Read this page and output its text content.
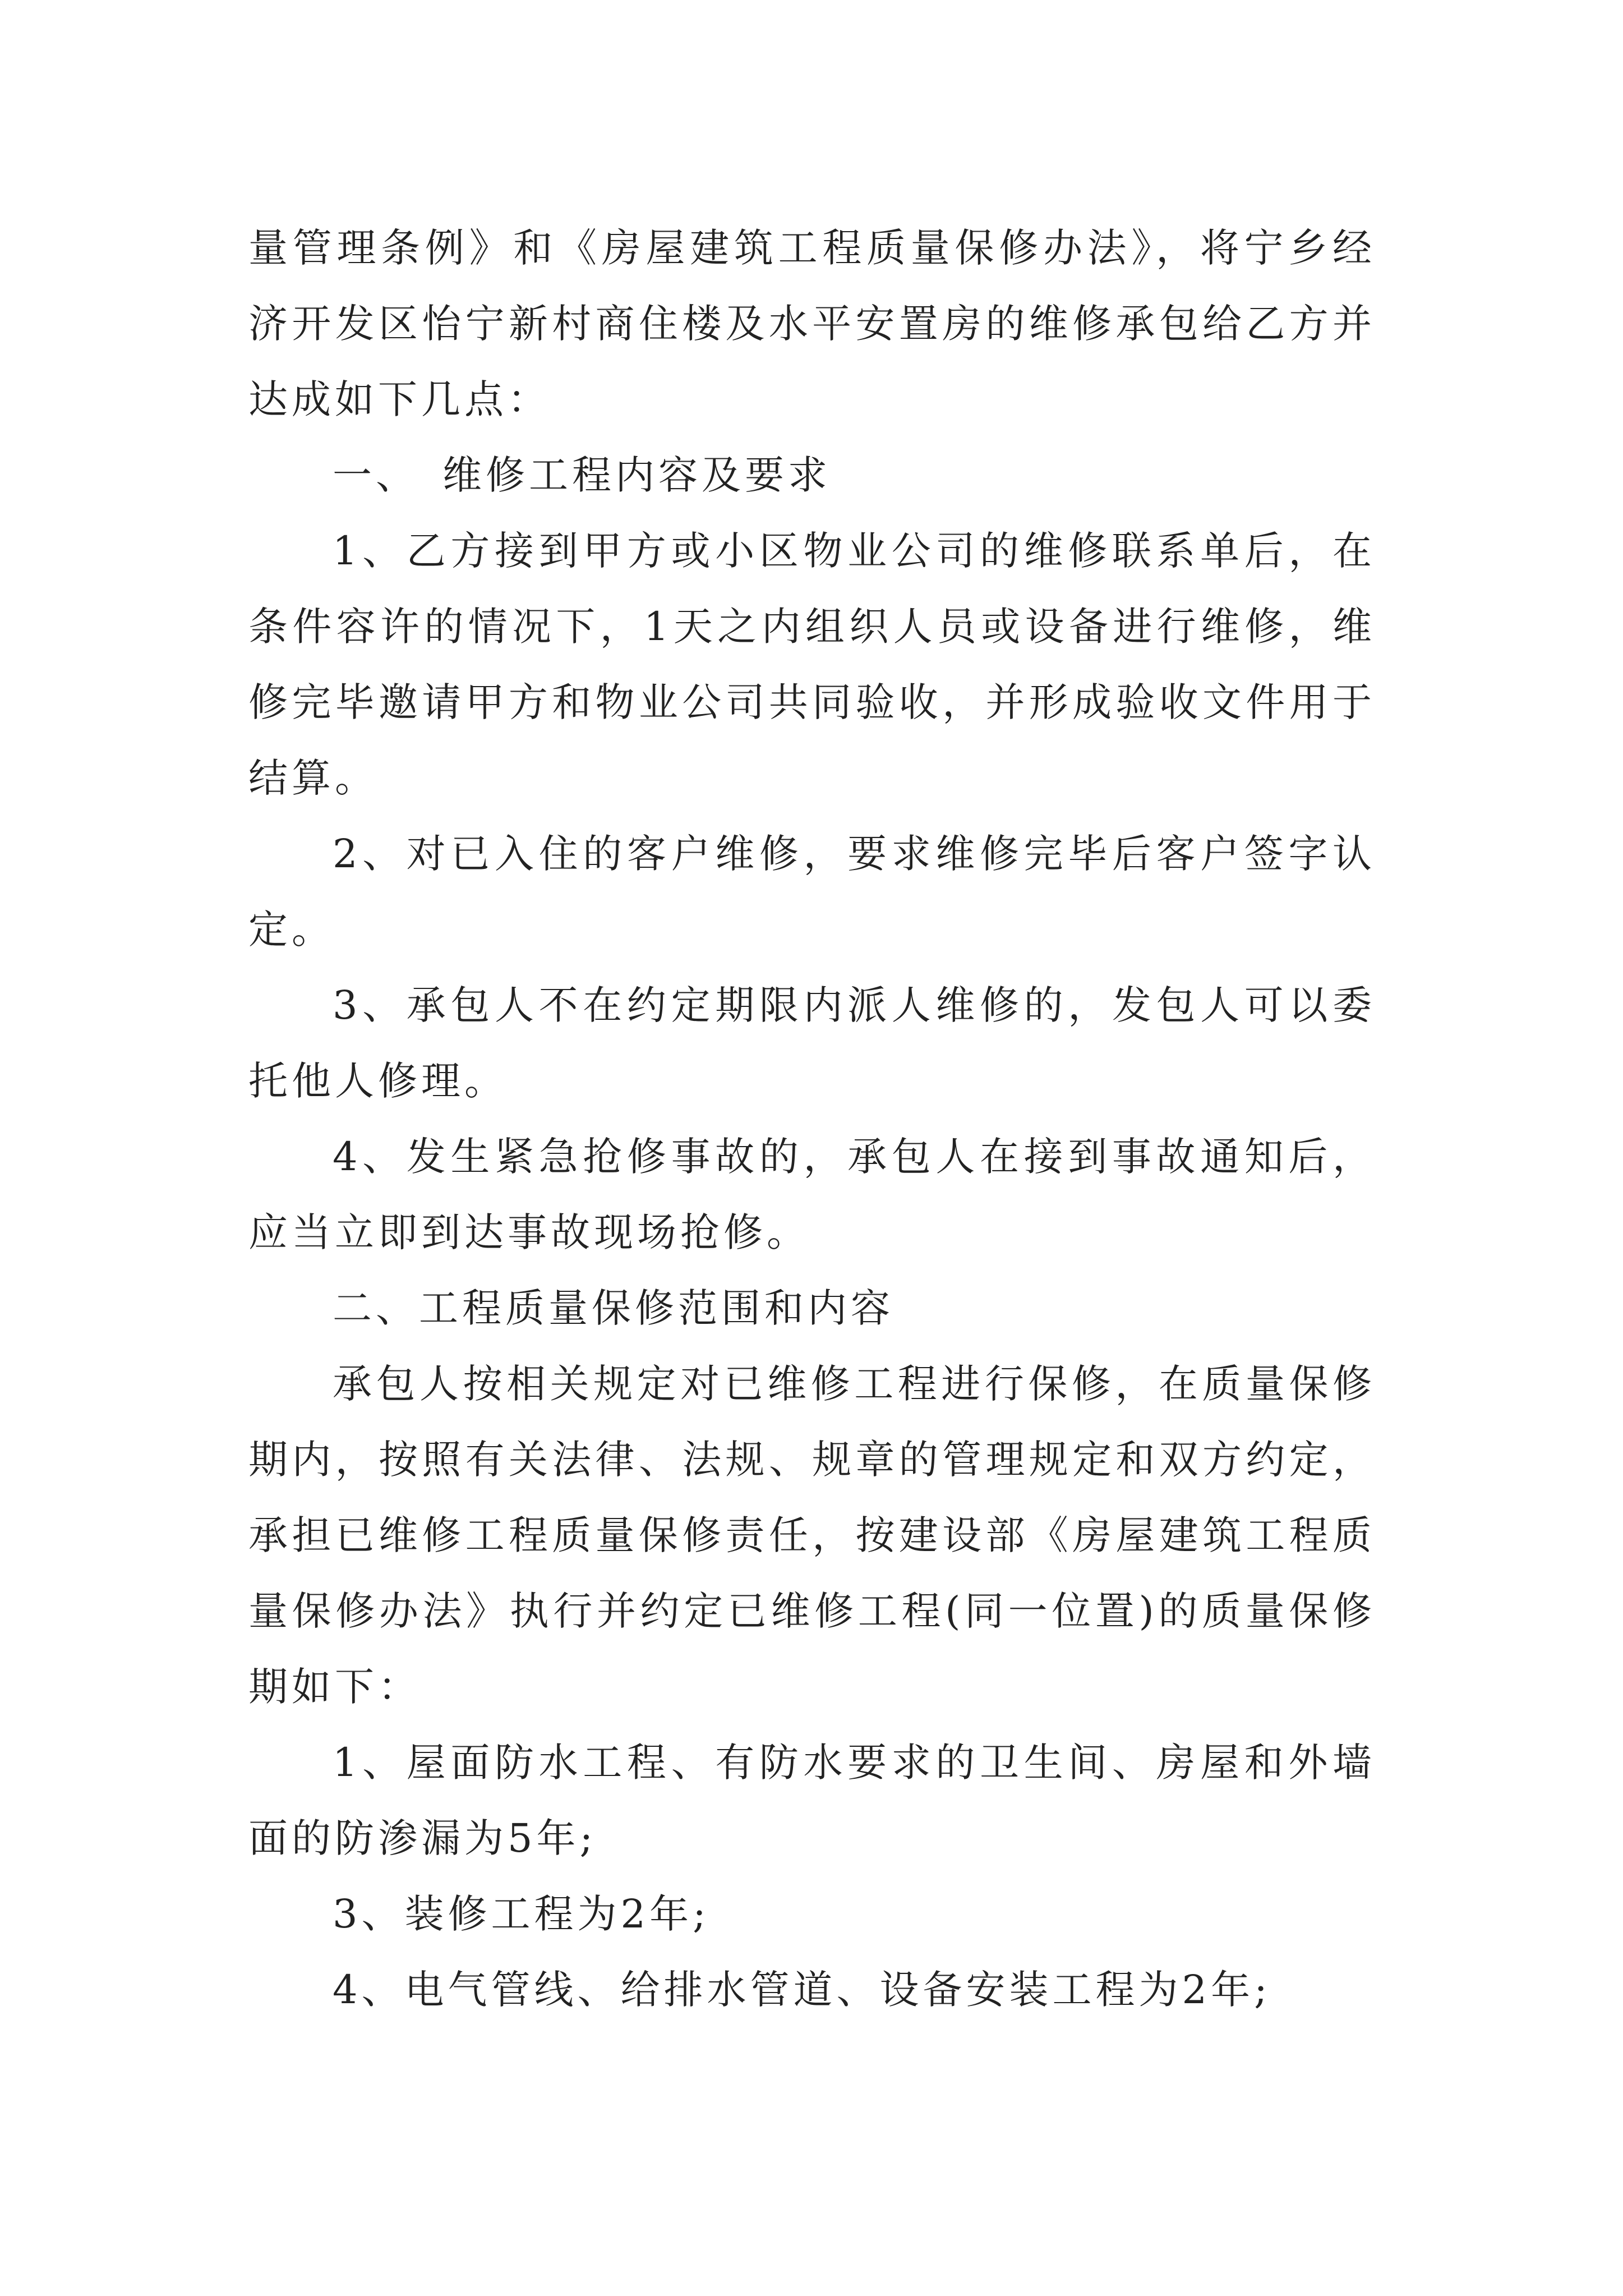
量管理条例》和《房屋建筑工程质量保修办法》，将宁乡经济开发区怡宁新村商住楼及水平安置房的维修承包给乙方并达成如下几点：

一、　维修工程内容及要求

1、乙方接到甲方或小区物业公司的维修联系单后，在条件容许的情况下，1天之内组织人员或设备进行维修，维修完毕邀请甲方和物业公司共同验收，并形成验收文件用于结算。

2、对已入住的客户维修，要求维修完毕后客户签字认定。

3、承包人不在约定期限内派人维修的，发包人可以委托他人修理。

4、发生紧急抢修事故的，承包人在接到事故通知后，应当立即到达事故现场抢修。

二、工程质量保修范围和内容

承包人按相关规定对已维修工程进行保修，在质量保修期内，按照有关法律、法规、规章的管理规定和双方约定，承担已维修工程质量保修责任，按建设部《房屋建筑工程质量保修办法》执行并约定已维修工程(同一位置)的质量保修期如下：

1、屋面防水工程、有防水要求的卫生间、房屋和外墙面的防渗漏为5年;

3、装修工程为2年;

4、电气管线、给排水管道、设备安装工程为2年;
